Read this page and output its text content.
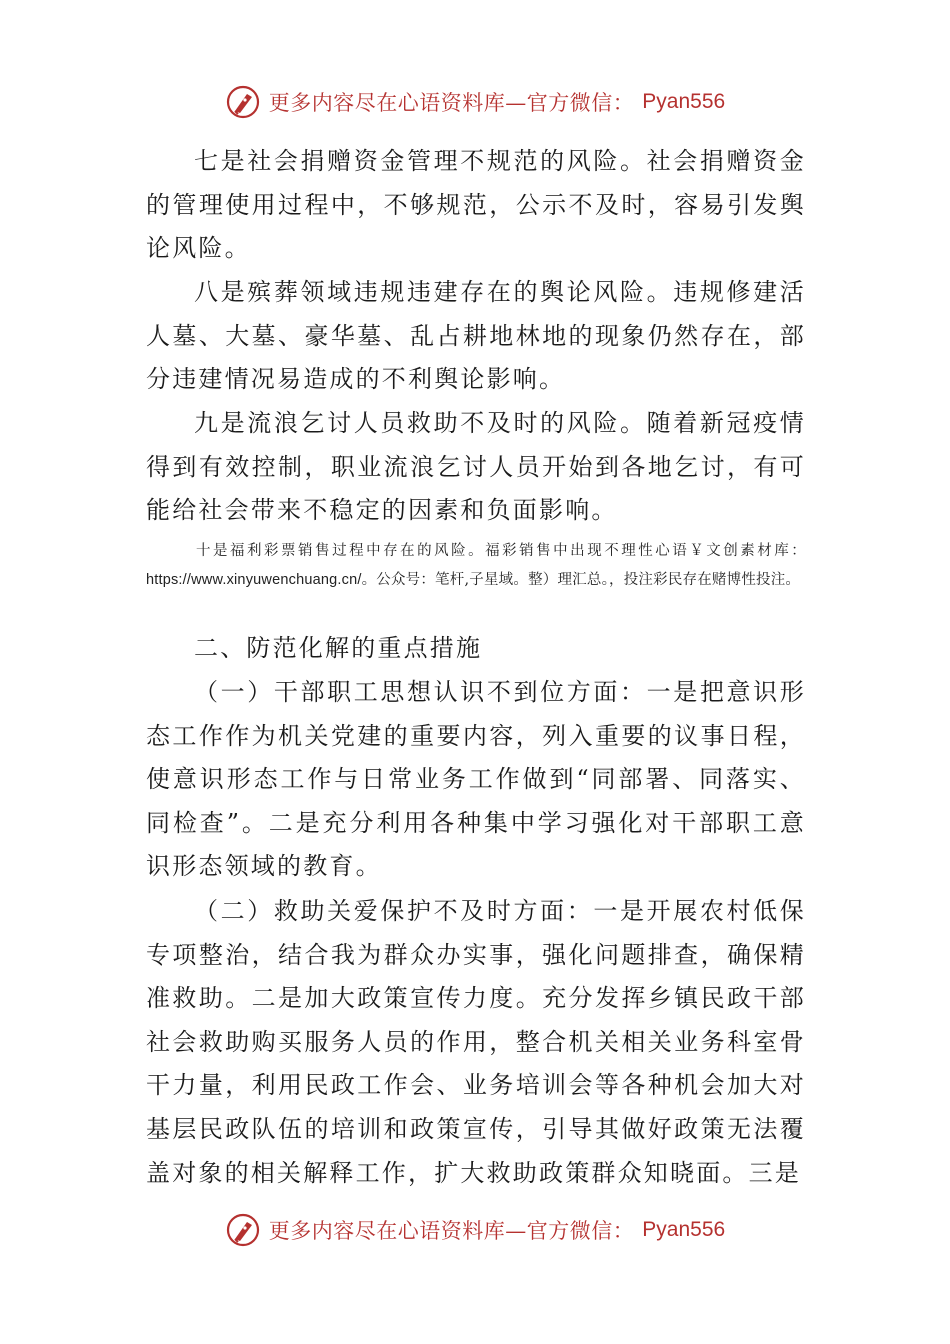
更多内容尽在心语资料库—官方微信： Pyan556

七是社会捐赠资金管理不规范的风险。社会捐赠资金的管理使用过程中，不够规范，公示不及时，容易引发舆论风险。

八是殡葬领域违规违建存在的舆论风险。违规修建活人墓、大墓、豪华墓、乱占耕地林地的现象仍然存在，部分违建情况易造成的不利舆论影响。

九是流浪乞讨人员救助不及时的风险。随着新冠疫情得到有效控制，职业流浪乞讨人员开始到各地乞讨，有可能给社会带来不稳定的因素和负面影响。

十是福利彩票销售过程中存在的风险。福彩销售中出现不理性心语￥文创素材库：https://www.xinyuwenchuang.cn/。公众号：笔杆,子星域。整）理汇总。，投注彩民存在赌博性投注。

二、防范化解的重点措施

（一）干部职工思想认识不到位方面：一是把意识形态工作作为机关党建的重要内容，列入重要的议事日程，使意识形态工作与日常业务工作做到“同部署、同落实、同检查”。二是充分利用各种集中学习强化对干部职工意识形态领域的教育。

（二）救助关爱保护不及时方面：一是开展农村低保专项整治，结合我为群众办实事，强化问题排查，确保精准救助。二是加大政策宣传力度。充分发挥乡镇民政干部社会救助购买服务人员的作用，整合机关相关业务科室骨干力量，利用民政工作会、业务培训会等各种机会加大对基层民政队伍的培训和政策宣传，引导其做好政策无法覆盖对象的相关解释工作，扩大救助政策群众知晓面。三是

更多内容尽在心语资料库—官方微信： Pyan556
